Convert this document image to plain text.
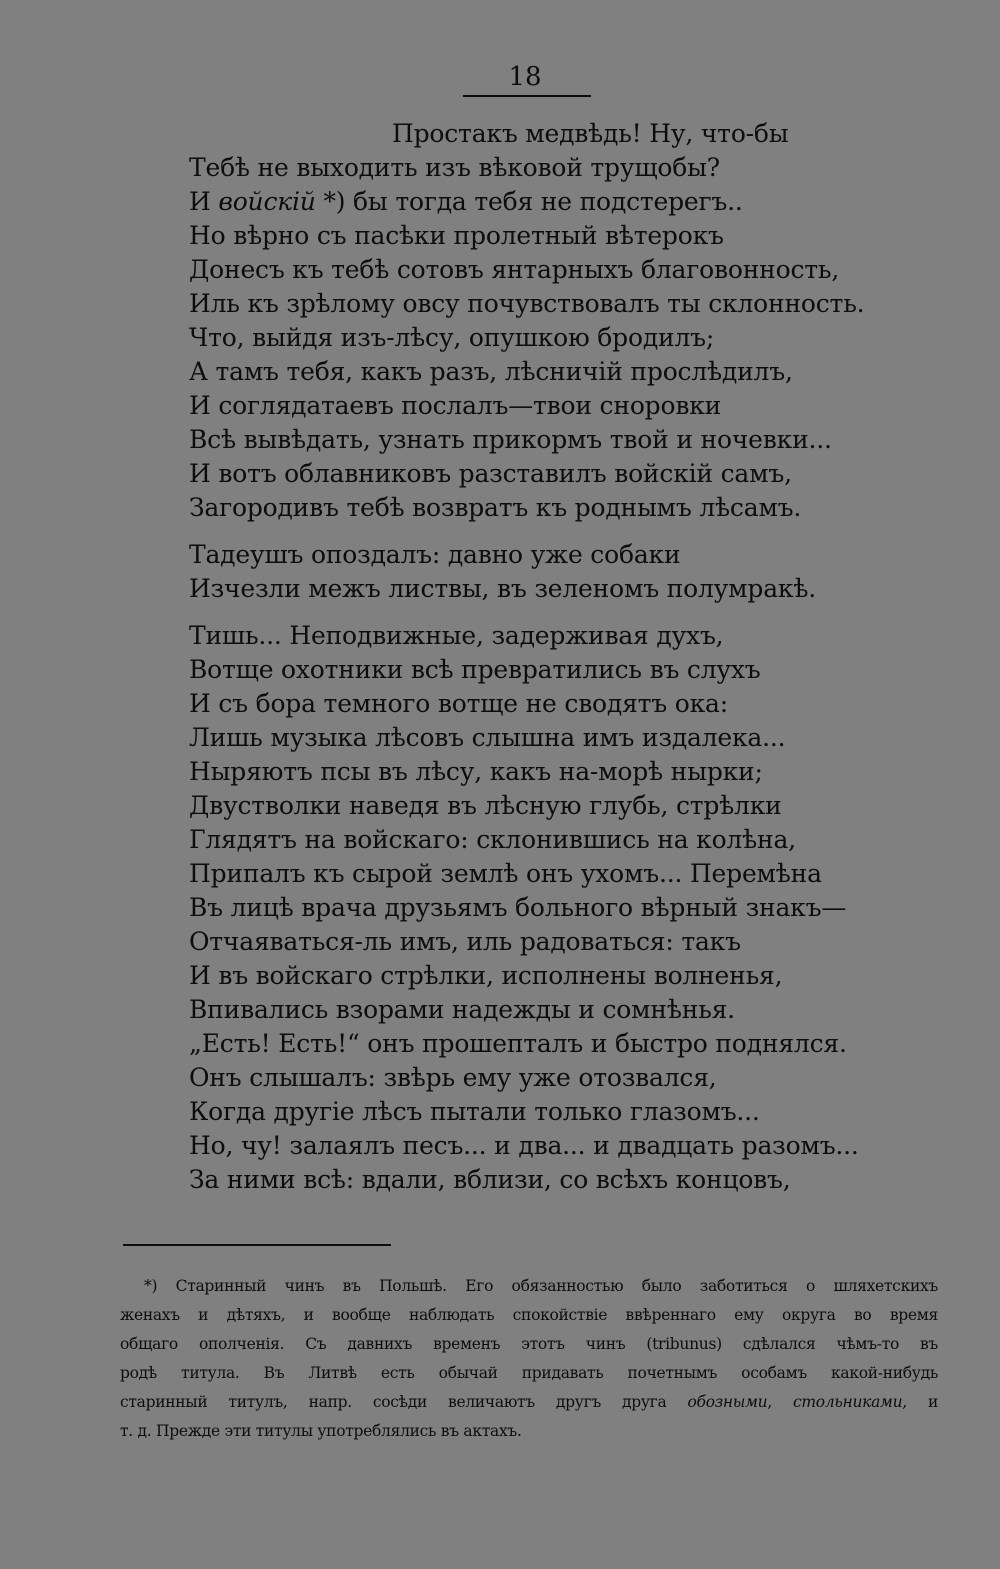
18
Простакъ медвѣдь! Ну, что-бы
Тебѣ не выходить изъ вѣковой трущобы?
И войскій *) бы тогда тебя не подстерегъ..
Но вѣрно съ пасѣки пролетный вѣтерокъ
Донесъ къ тебѣ сотовъ янтарныхъ благовонность,
Иль къ зрѣлому овсу почувствовалъ ты склонность.
Что, выйдя изъ-лѣсу, опушкою бродилъ;
А тамъ тебя, какъ разъ, лѣсничій прослѣдилъ,
И соглядатаевъ послалъ—твои сноровки
Всѣ вывѣдать, узнать прикормъ твой и ночевки...
И вотъ облавниковъ разставилъ войскій самъ,
Загородивъ тебѣ возвратъ къ роднымъ лѣсамъ.
Тадеушъ опоздалъ: давно уже собаки
Изчезли межъ листвы, въ зеленомъ полумракѣ.
Тишь... Неподвижные, задерживая духъ,
Вотще охотники всѣ превратились въ слухъ
И съ бора темного вотще не сводятъ ока:
Лишь музыка лѣсовъ слышна имъ издалека...
Ныряютъ псы въ лѣсу, какъ на-морѣ нырки;
Двустволки наведя въ лѣсную глубь, стрѣлки
Глядятъ на войскаго: склонившись на колѣна,
Припалъ къ сырой землѣ онъ ухомъ... Перемѣна
Въ лицѣ врача друзьямъ больного вѣрный знакъ—
Отчаяваться-ль имъ, иль радоваться: такъ
И въ войскаго стрѣлки, исполнены волненья,
Впивались взорами надежды и сомнѣнья.
„Есть! Есть!“ онъ прошепталъ и быстро поднялся.
Онъ слышалъ: звѣрь ему уже отозвался,
Когда другіе лѣсъ пытали только глазомъ...
Но, чу! залаялъ песъ... и два... и двадцать разомъ...
За ними всѣ: вдали, вблизи, со всѣхъ концовъ,
*) Старинный чинъ въ Польшѣ. Его обязанностью было заботиться о шляхетскихъ
женахъ и дѣтяхъ, и вообще наблюдать спокойствіе ввѣреннаго ему округа во время
общаго ополченія. Съ давнихъ временъ этотъ чинъ (tribunus) сдѣлался чѣмъ-то въ
родѣ титула. Въ Литвѣ есть обычай придавать почетнымъ особамъ какой-нибудь
старинный титулъ, напр. сосѣди величаютъ другъ друга обозными, стольниками, и
т. д. Прежде эти титулы употреблялись въ актахъ.
